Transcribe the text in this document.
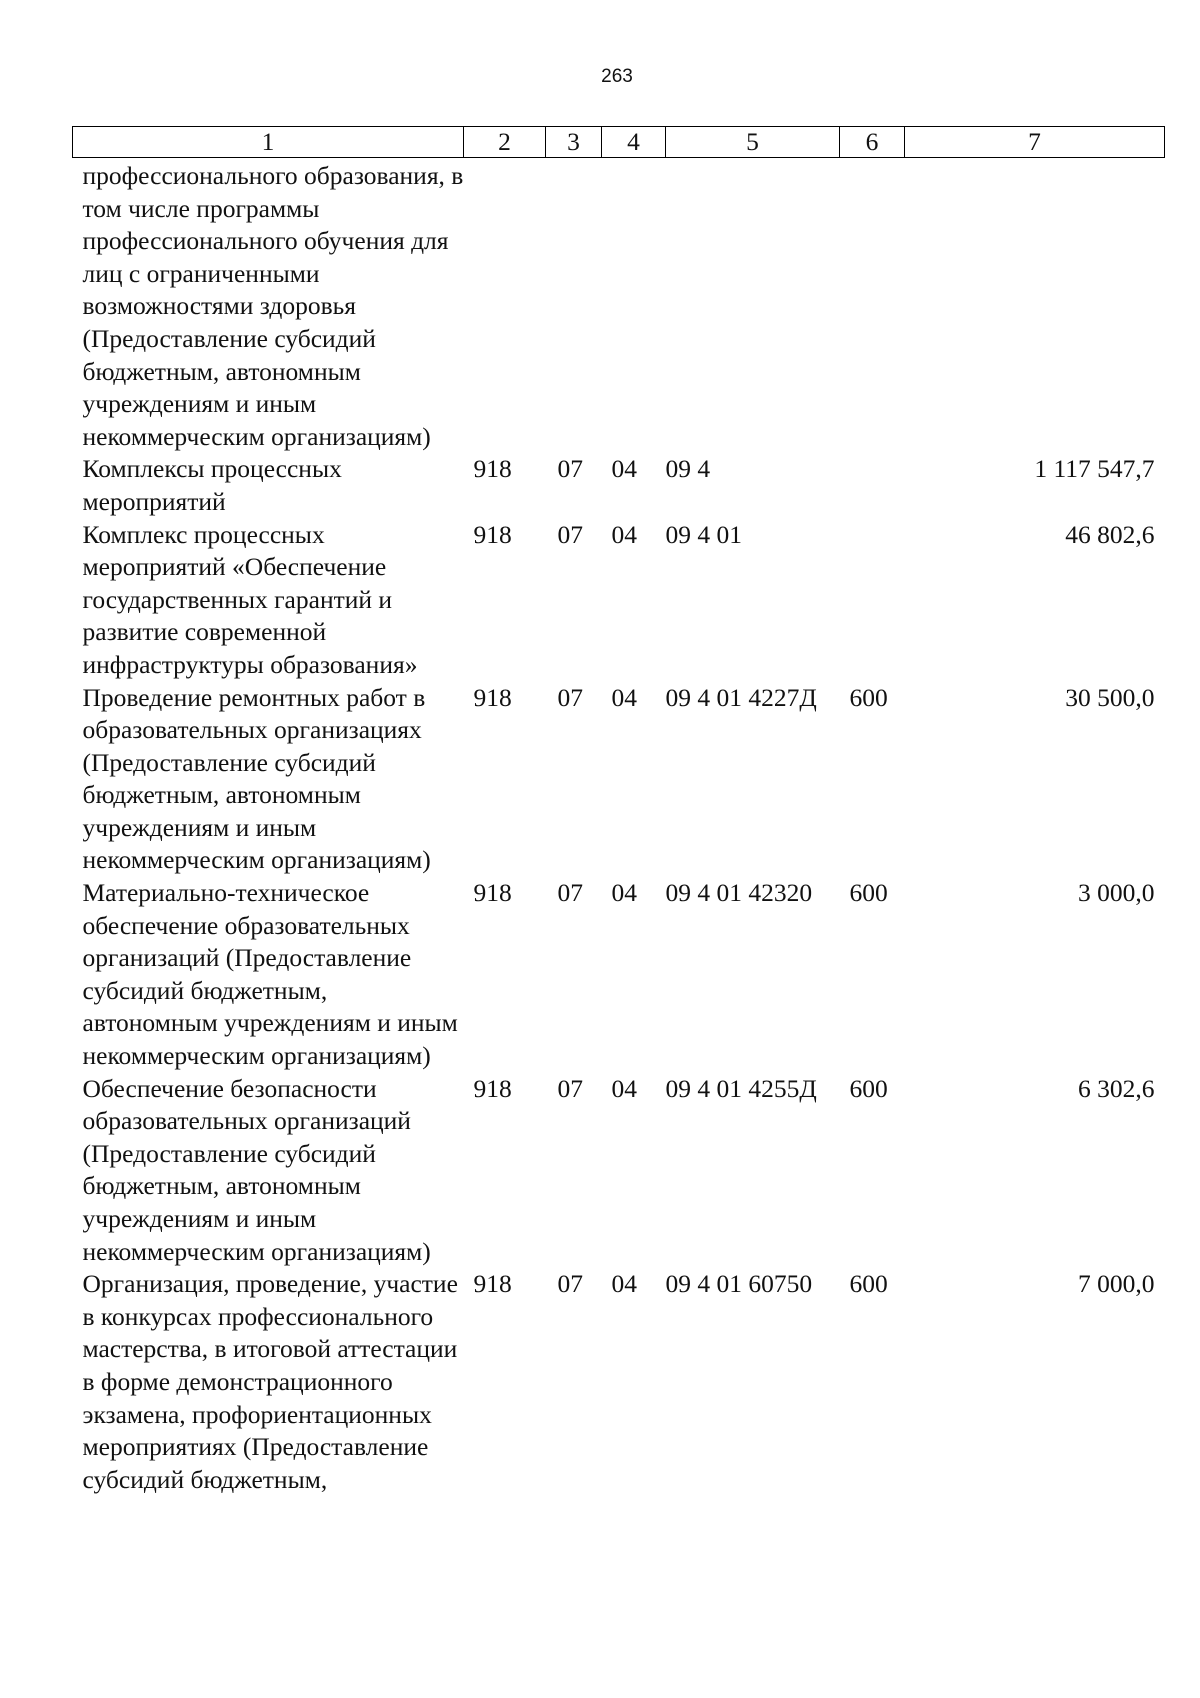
263
1	2	3	4	5	6	7
профессионального образования, в том числе программы профессионального обучения для лиц с ограниченными возможностями здоровья (Предоставление субсидий бюджетным, автономным учреждениям и иным некоммерческим организациям)						
Комплексы процессных мероприятий	918	07	04	09 4		1 117 547,7
Комплекс процессных мероприятий «Обеспечение государственных гарантий и развитие современной инфраструктуры образования»	918	07	04	09 4 01		46 802,6
Проведение ремонтных работ в образовательных организациях (Предоставление субсидий бюджетным, автономным учреждениям и иным некоммерческим организациям)	918	07	04	09 4 01 4227Д	600	30 500,0
Материально-техническое обеспечение образовательных организаций (Предоставление субсидий бюджетным, автономным учреждениям и иным некоммерческим организациям)	918	07	04	09 4 01 42320	600	3 000,0
Обеспечение безопасности образовательных организаций (Предоставление субсидий бюджетным, автономным учреждениям и иным некоммерческим организациям)	918	07	04	09 4 01 4255Д	600	6 302,6
Организация, проведение, участие в конкурсах профессионального мастерства, в итоговой аттестации в форме демонстрационного экзамена, профориентационных мероприятиях (Предоставление субсидий бюджетным,	918	07	04	09 4 01 60750	600	7 000,0
